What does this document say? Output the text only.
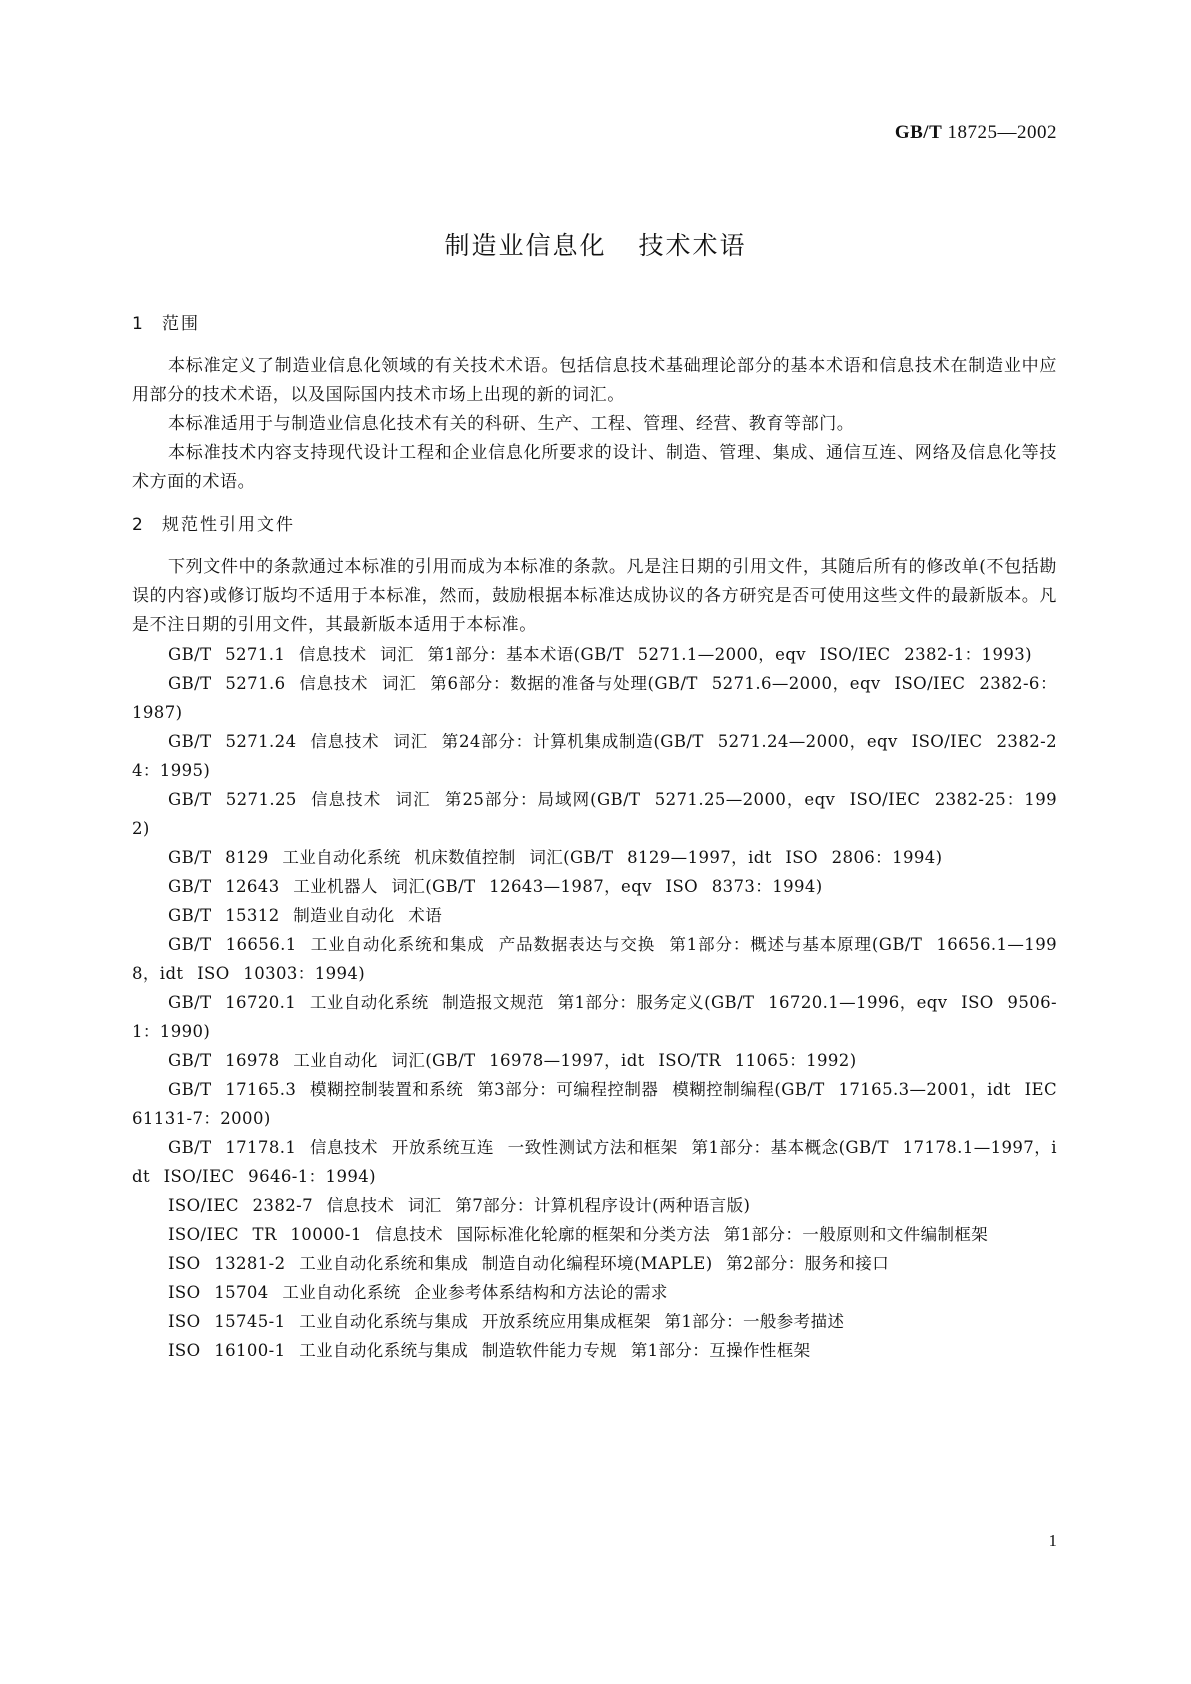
GB/T 18725—2002
制造业信息化 技术术语
1 范围

本标准定义了制造业信息化领域的有关技术术语。包括信息技术基础理论部分的基本术语和信息技术在制造业中应用部分的技术术语，以及国际国内技术市场上出现的新的词汇。

本标准适用于与制造业信息化技术有关的科研、生产、工程、管理、经营、教育等部门。

本标准技术内容支持现代设计工程和企业信息化所要求的设计、制造、管理、集成、通信互连、网络及信息化等技术方面的术语。

2 规范性引用文件

下列文件中的条款通过本标准的引用而成为本标准的条款。凡是注日期的引用文件，其随后所有的修改单(不包括勘误的内容)或修订版均不适用于本标准，然而，鼓励根据本标准达成协议的各方研究是否可使用这些文件的最新版本。凡是不注日期的引用文件，其最新版本适用于本标准。

GB/T 5271.1 信息技术 词汇 第1部分：基本术语(GB/T 5271.1—2000，eqv ISO/IEC 2382-1：1993)

GB/T 5271.6 信息技术 词汇 第6部分：数据的准备与处理(GB/T 5271.6—2000，eqv ISO/IEC 2382-6：1987)

GB/T 5271.24 信息技术 词汇 第24部分：计算机集成制造(GB/T 5271.24—2000，eqv ISO/IEC 2382-24：1995)

GB/T 5271.25 信息技术 词汇 第25部分：局域网(GB/T 5271.25—2000，eqv ISO/IEC 2382-25：1992)

GB/T 8129 工业自动化系统 机床数值控制 词汇(GB/T 8129—1997，idt ISO 2806：1994)

GB/T 12643 工业机器人 词汇(GB/T 12643—1987，eqv ISO 8373：1994)

GB/T 15312 制造业自动化 术语

GB/T 16656.1 工业自动化系统和集成 产品数据表达与交换 第1部分：概述与基本原理(GB/T 16656.1—1998，idt ISO 10303：1994)

GB/T 16720.1 工业自动化系统 制造报文规范 第1部分：服务定义(GB/T 16720.1—1996，eqv ISO 9506-1：1990)

GB/T 16978 工业自动化 词汇(GB/T 16978—1997，idt ISO/TR 11065：1992)

GB/T 17165.3 模糊控制装置和系统 第3部分：可编程控制器 模糊控制编程(GB/T 17165.3—2001，idt IEC 61131-7：2000)

GB/T 17178.1 信息技术 开放系统互连 一致性测试方法和框架 第1部分：基本概念(GB/T 17178.1—1997，idt ISO/IEC 9646-1：1994)

ISO/IEC 2382-7 信息技术 词汇 第7部分：计算机程序设计(两种语言版)

ISO/IEC TR 10000-1 信息技术 国际标准化轮廓的框架和分类方法 第1部分：一般原则和文件编制框架

ISO 13281-2 工业自动化系统和集成 制造自动化编程环境(MAPLE) 第2部分：服务和接口

ISO 15704 工业自动化系统 企业参考体系结构和方法论的需求

ISO 15745-1 工业自动化系统与集成 开放系统应用集成框架 第1部分：一般参考描述

ISO 16100-1 工业自动化系统与集成 制造软件能力专规 第1部分：互操作性框架

1
